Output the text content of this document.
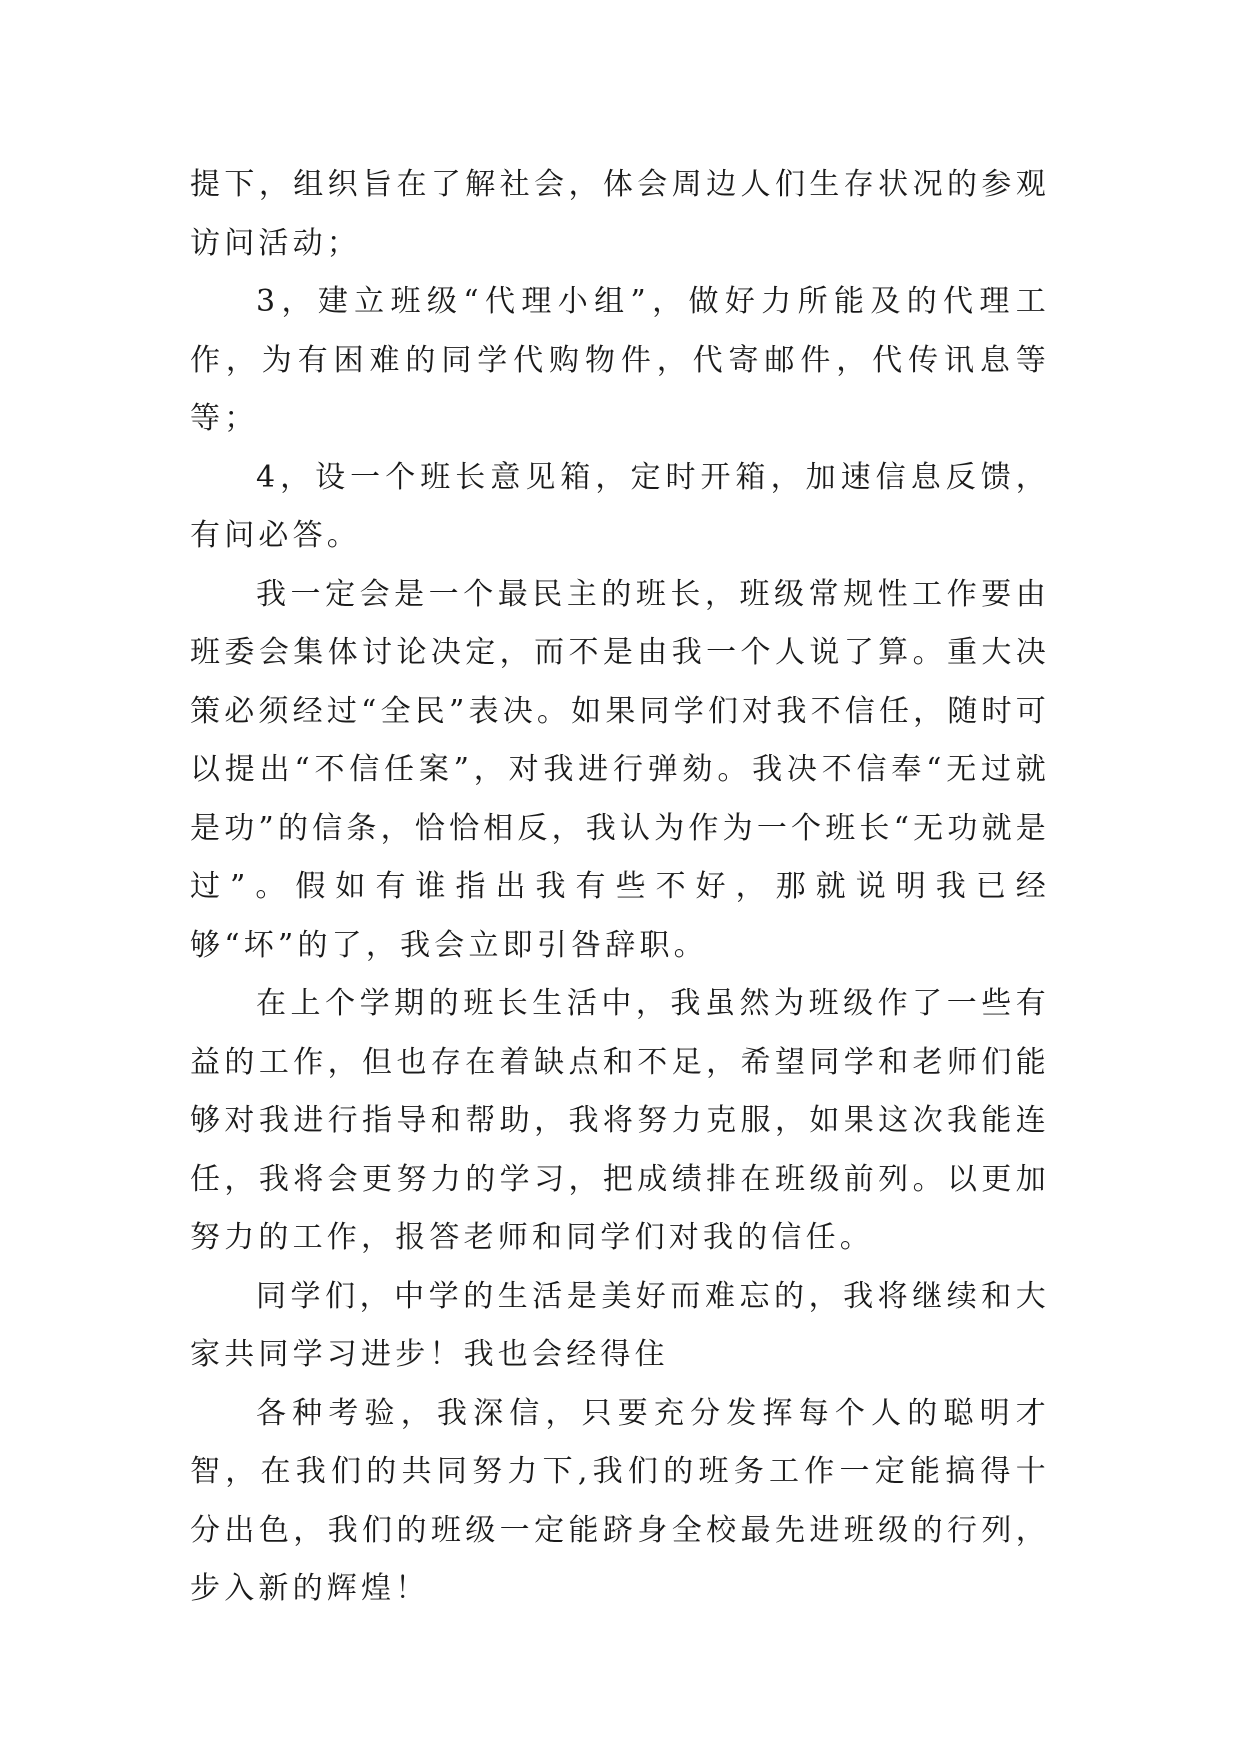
提下，组织旨在了解社会，体会周边人们生存状况的参观访问活动；

3，建立班级“代理小组”，做好力所能及的代理工作，为有困难的同学代购物件，代寄邮件，代传讯息等等；

4，设一个班长意见箱，定时开箱，加速信息反馈，有问必答。

我一定会是一个最民主的班长，班级常规性工作要由班委会集体讨论决定，而不是由我一个人说了算。重大决策必须经过“全民”表决。如果同学们对我不信任，随时可以提出“不信任案”，对我进行弹劾。我决不信奉“无过就是功”的信条，恰恰相反，我认为作为一个班长“无功就是过”。假如有谁指出我有些不好，那就说明我已经够“坏”的了，我会立即引咎辞职。

在上个学期的班长生活中，我虽然为班级作了一些有益的工作，但也存在着缺点和不足，希望同学和老师们能够对我进行指导和帮助，我将努力克服，如果这次我能连任，我将会更努力的学习，把成绩排在班级前列。以更加努力的工作，报答老师和同学们对我的信任。

同学们，中学的生活是美好而难忘的，我将继续和大家共同学习进步！我也会经得住

各种考验，我深信，只要充分发挥每个人的聪明才智，在我们的共同努力下,我们的班务工作一定能搞得十分出色，我们的班级一定能跻身全校最先进班级的行列，步入新的辉煌！
